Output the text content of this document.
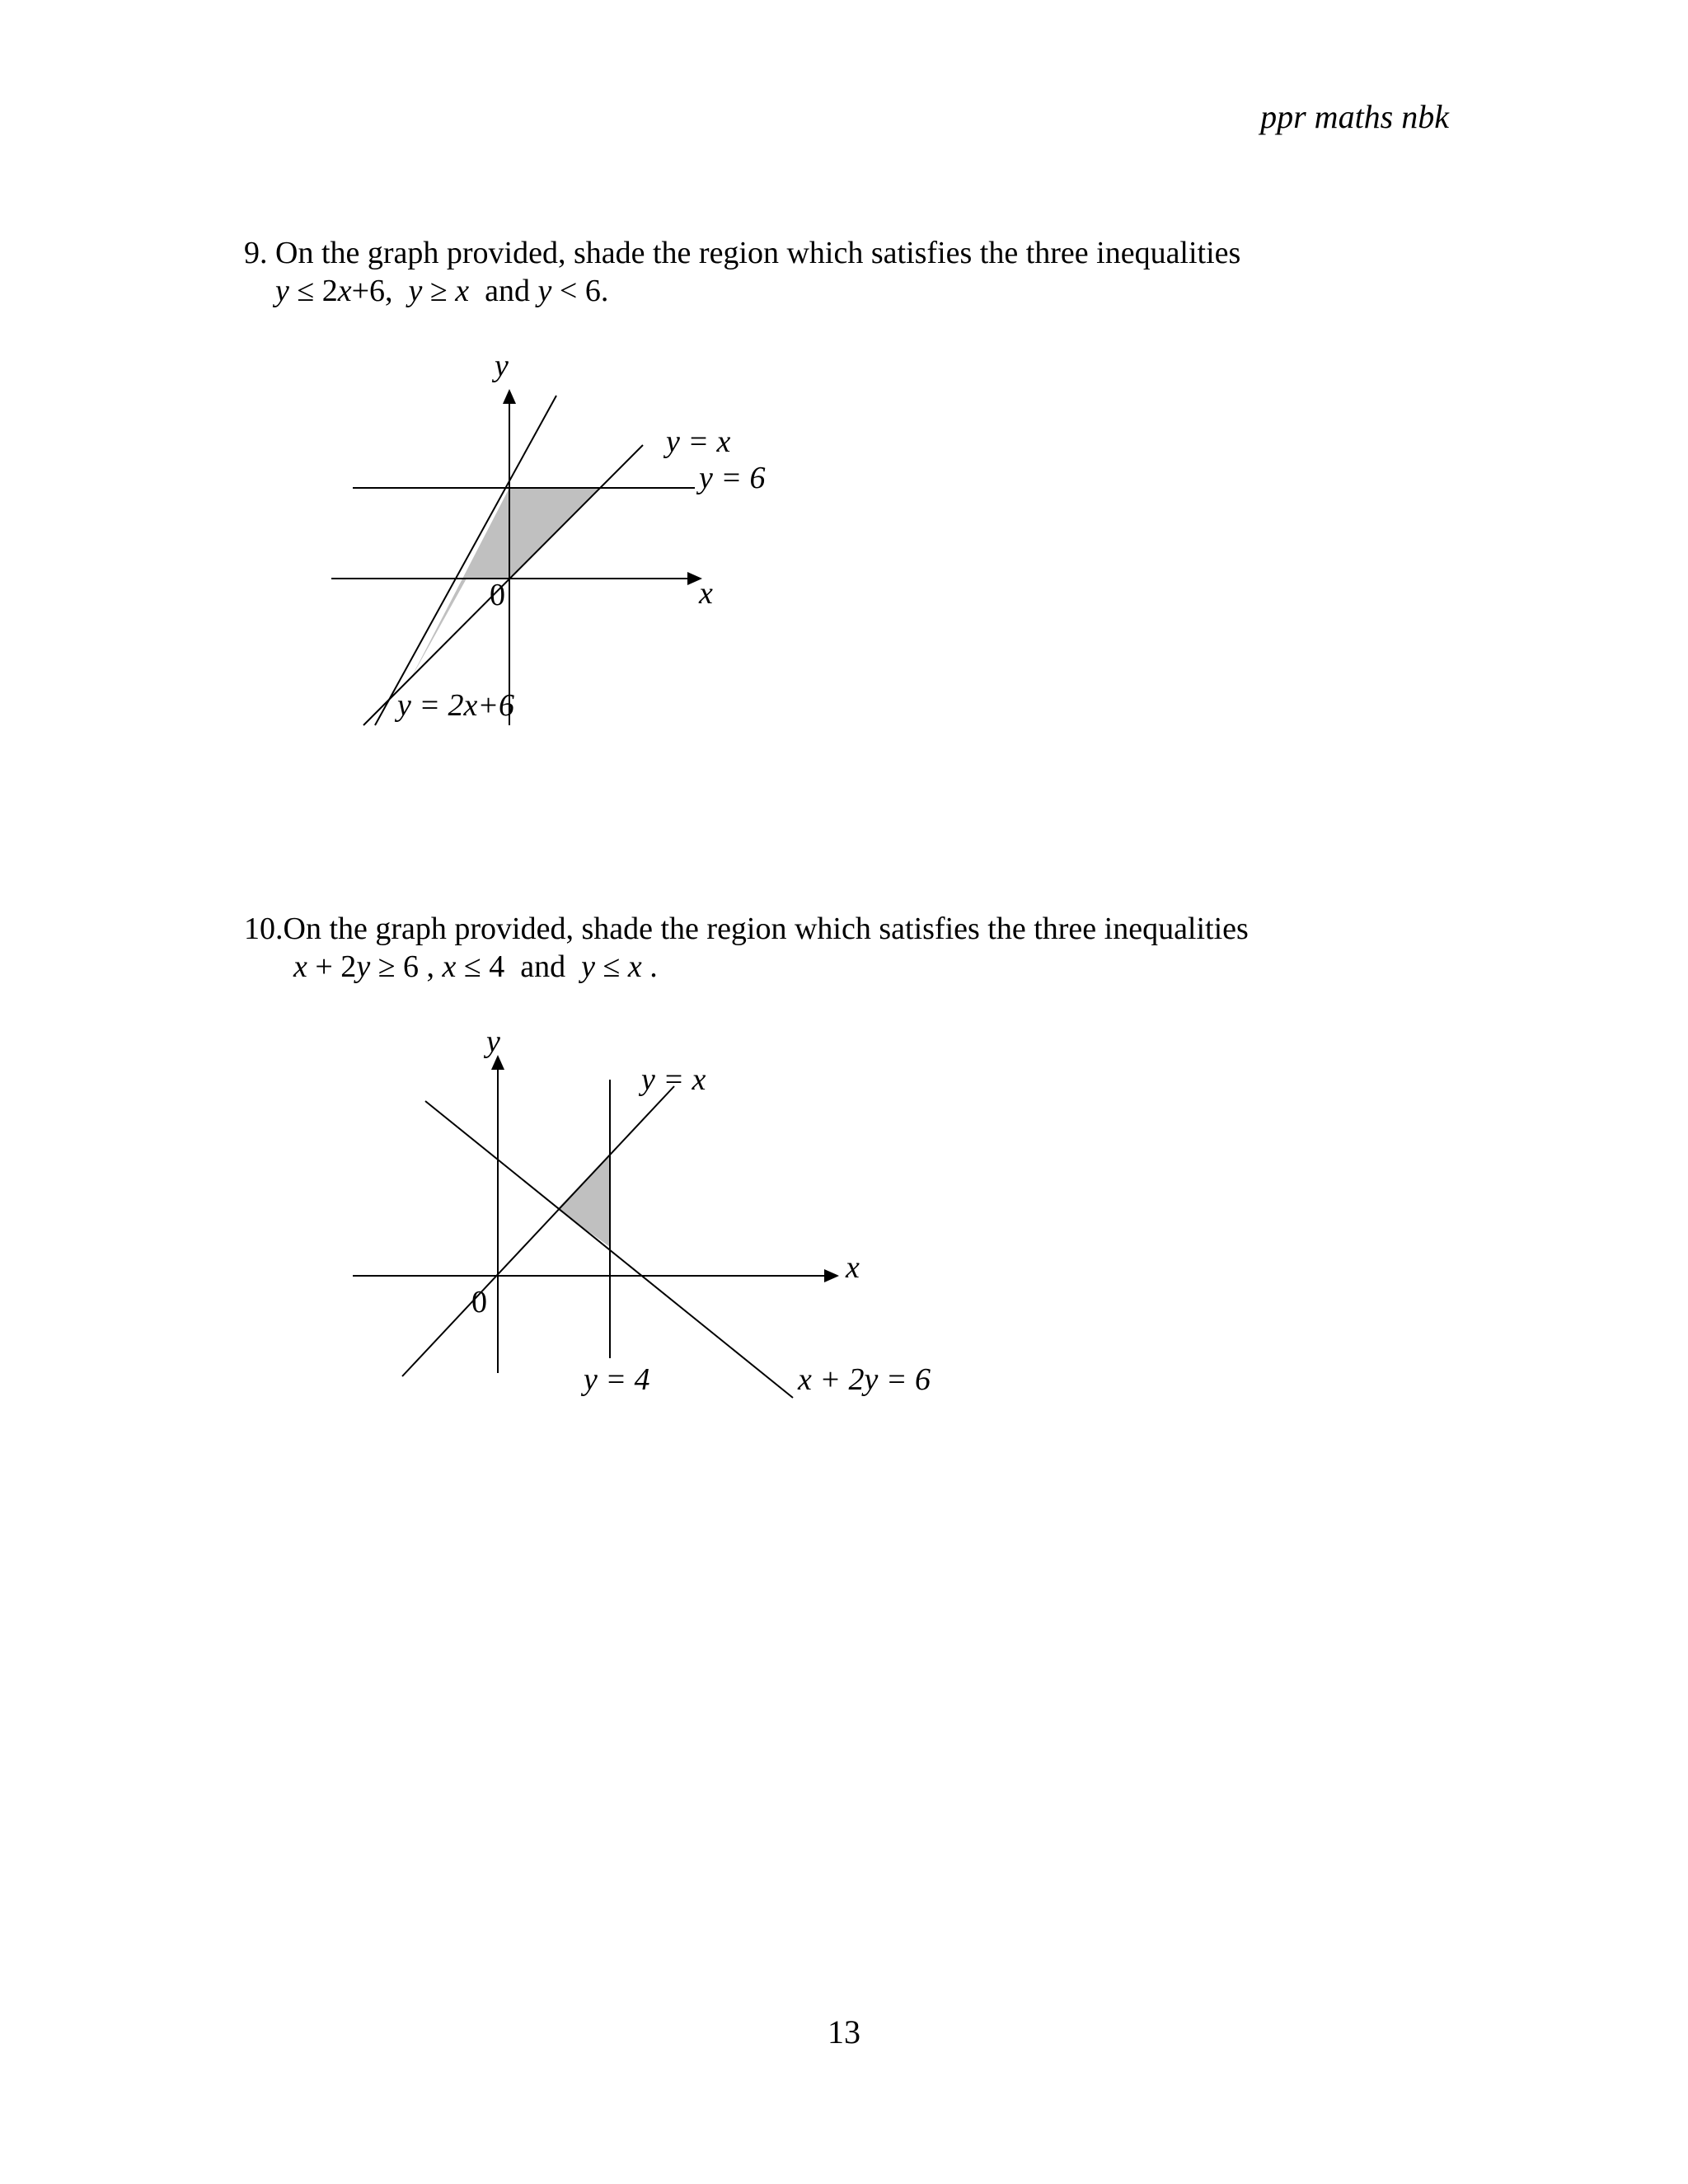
ppr maths nbk
9. On the graph provided, shade the region which satisfies the three inequalities
y ≤ 2x+6,  y ≥ x  and y < 6.
y
x
0
y = x
y = 6
y = 2x+6
10.On the graph provided, shade the region which satisfies the three inequalities
x + 2y ≥ 6 , x ≤ 4  and  y ≤ x .
y
x
0
y = x
y = 4	x + 2y = 6
13
